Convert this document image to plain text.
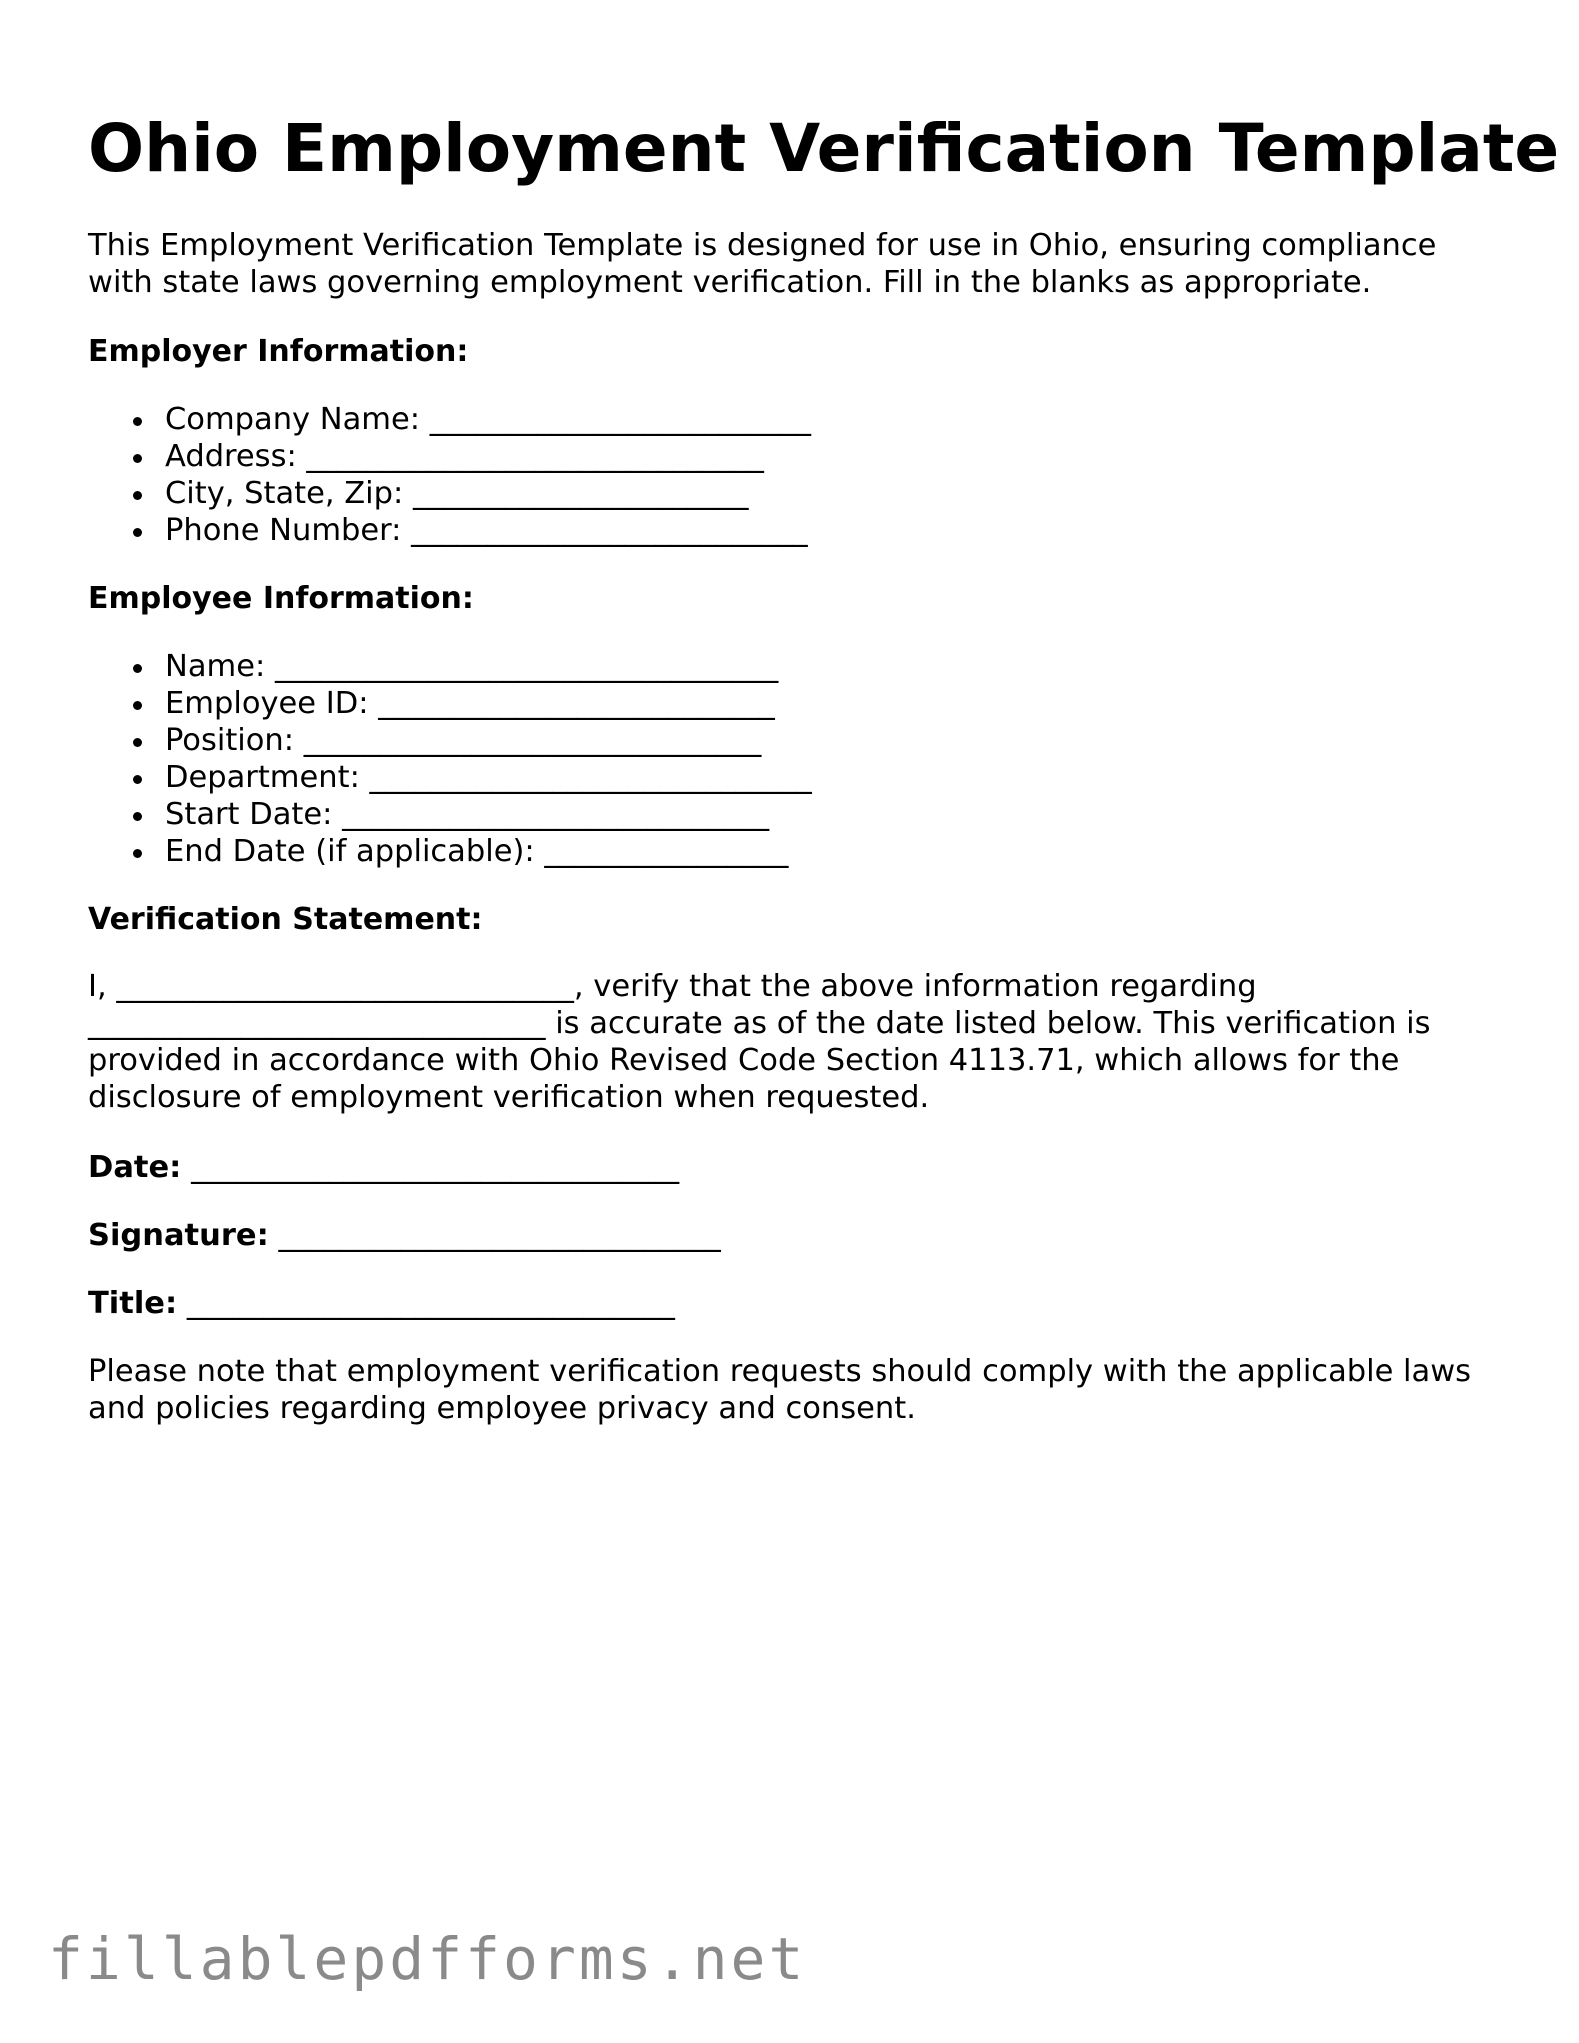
Ohio Employment Verification Template

This Employment Verification Template is designed for use in Ohio, ensuring compliance
with state laws governing employment verification. Fill in the blanks as appropriate.

Employer Information:

Company Name: _________________________
Address: ______________________________
City, State, Zip: ______________________
Phone Number: __________________________

Employee Information:

Name: _________________________________
Employee ID: __________________________
Position: ______________________________
Department: _____________________________
Start Date: ____________________________
End Date (if applicable): ________________

Verification Statement:

I, ______________________________, verify that the above information regarding
______________________________ is accurate as of the date listed below. This verification is
provided in accordance with Ohio Revised Code Section 4113.71, which allows for the
disclosure of employment verification when requested.

Date: ________________________________

Signature: _____________________________

Title: ________________________________

Please note that employment verification requests should comply with the applicable laws
and policies regarding employee privacy and consent.

fillablepdfforms.net
